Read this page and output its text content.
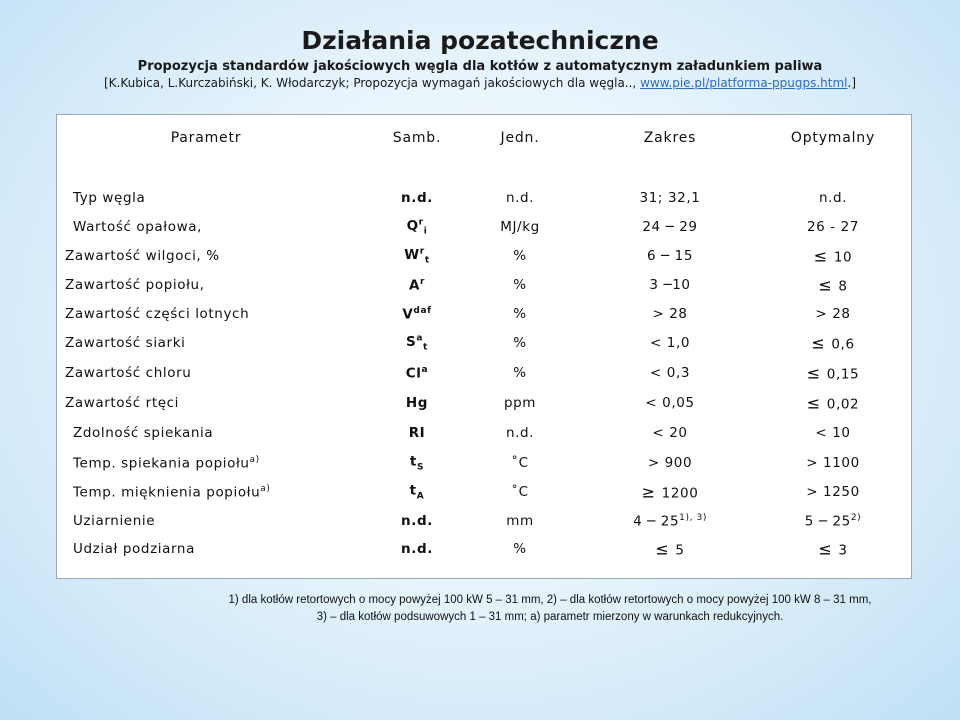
Działania pozatechniczne
Propozycja standardów jakościowych węgla dla kotłów z automatycznym załadunkiem paliwa
[K.Kubica, L.Kurczabiński, K. Włodarczyk; Propozycja wymagań jakościowych dla węgla.., www.pie.pl/platforma-ppugps.html.]
Parametr	Samb.	Jedn.	Zakres	Optymalny
Typ węgla	n.d.	n.d.	31; 32,1	n.d.
Wartość opałowa,	$Q^r_i$	MJ/kg	24 ─ 29	26 - 27
Zawartość wilgoci, %	$W^r_t$	%	6 ─ 15	≤ 10
Zawartość popiołu,	$A^r$	%	3 ─10	≤ 8
Zawartość części lotnych	$V^{daf}$	%	> 28	> 28
Zawartość siarki	$S^a_t$	%	< 1,0	≤ 0,6
Zawartość chloru	Cl$^a$	%	< 0,3	≤ 0,15
Zawartość rtęci	Hg	ppm	< 0,05	≤ 0,02
Zdolność spiekania	RI	n.d.	< 20	< 10
Temp. spiekania popiołu$^{a)}$	$t_S$	˚C	> 900	> 1100
Temp. mięknienia popiołu$^{a)}$	$t_A$	˚C	≥ 1200	> 1250
Uziarnienie	n.d.	mm	4 ─ $25^{1), 3)}$	5 ─ 25$^{2)}$
Udział podziarna	n.d.	%	≤ 5	≤ 3
1) dla kotłów retortowych o mocy powyżej 100 kW 5 – 31 mm, 2) – dla kotłów retortowych o mocy powyżej 100 kW 8 – 31 mm,
3) – dla kotłów podsuwowych 1 – 31 mm; a) parametr mierzony w warunkach redukcyjnych.
